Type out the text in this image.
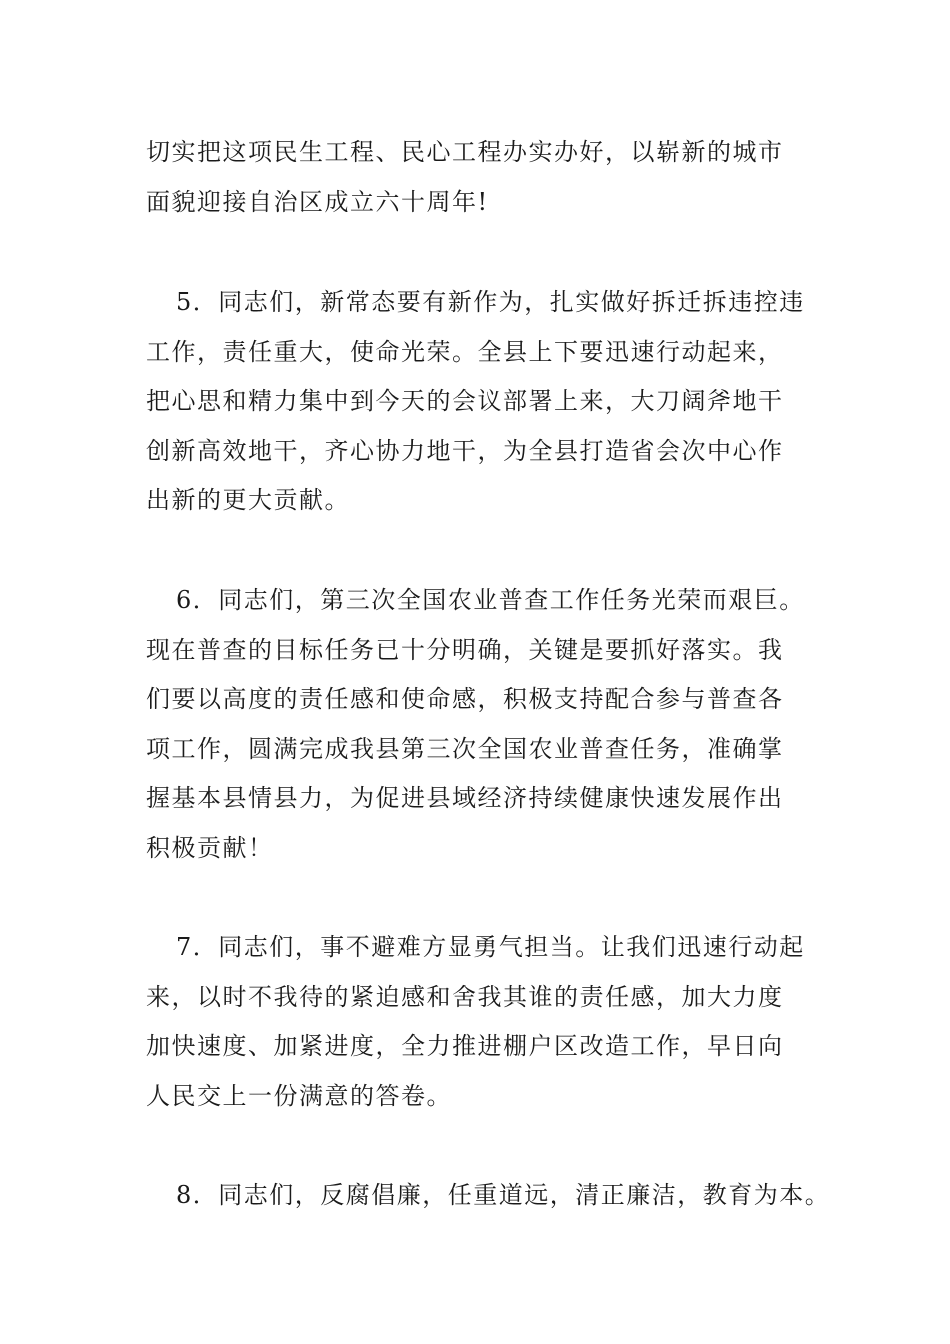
切实把这项民生工程、民心工程办实办好，以崭新的城市
面貌迎接自治区成立六十周年!
5．同志们，新常态要有新作为，扎实做好拆迁拆违控违
工作，责任重大，使命光荣。全县上下要迅速行动起来，
把心思和精力集中到今天的会议部署上来，大刀阔斧地干
创新高效地干，齐心协力地干，为全县打造省会次中心作
出新的更大贡献。
6．同志们，第三次全国农业普查工作任务光荣而艰巨。
现在普查的目标任务已十分明确，关键是要抓好落实。我
们要以高度的责任感和使命感，积极支持配合参与普查各
项工作，圆满完成我县第三次全国农业普查任务，准确掌
握基本县情县力，为促进县域经济持续健康快速发展作出
积极贡献！
7．同志们，事不避难方显勇气担当。让我们迅速行动起
来，以时不我待的紧迫感和舍我其谁的责任感，加大力度
加快速度、加紧进度，全力推进棚户区改造工作，早日向
人民交上一份满意的答卷。
8．同志们，反腐倡廉，任重道远，清正廉洁，教育为本。
